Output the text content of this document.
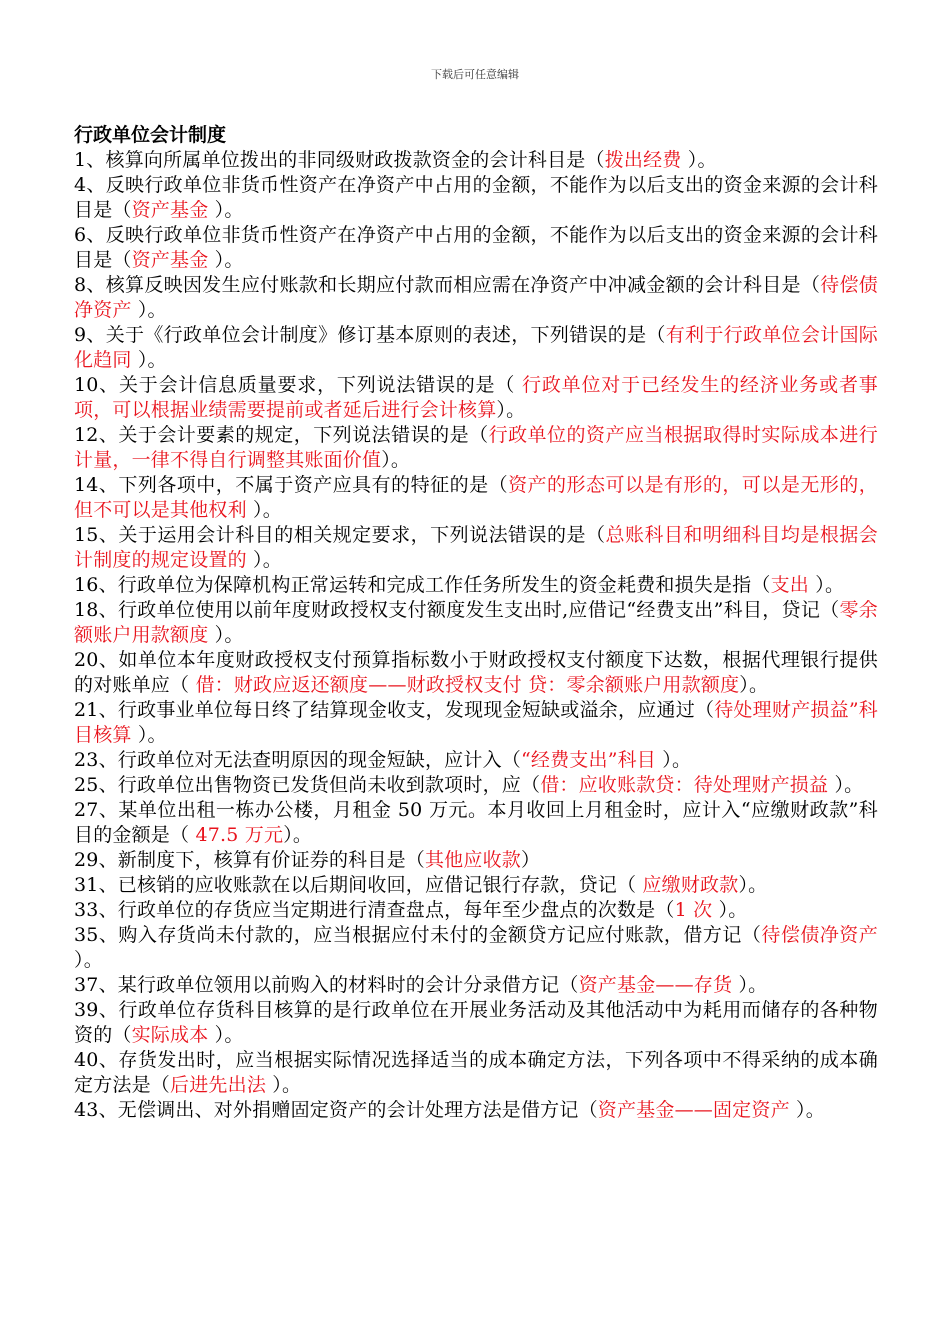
下载后可任意编辑

行政单位会计制度

1、核算向所属单位拨出的非同级财政拨款资金的会计科目是（拨出经费 ）。

4、反映行政单位非货币性资产在净资产中占用的金额，不能作为以后支出的资金来源的会计科目是（资产基金 ）。

6、反映行政单位非货币性资产在净资产中占用的金额，不能作为以后支出的资金来源的会计科目是（资产基金 ）。

8、核算反映因发生应付账款和长期应付款而相应需在净资产中冲减金额的会计科目是（待偿债净资产 ）。

9、关于《行政单位会计制度》修订基本原则的表述，下列错误的是（有利于行政单位会计国际化趋同 ）。

10、关于会计信息质量要求，下列说法错误的是（ 行政单位对于已经发生的经济业务或者事项，可以根据业绩需要提前或者延后进行会计核算）。

12、关于会计要素的规定，下列说法错误的是（行政单位的资产应当根据取得时实际成本进行计量，一律不得自行调整其账面价值）。

14、下列各项中，不属于资产应具有的特征的是（资产的形态可以是有形的，可以是无形的，但不可以是其他权利 ）。

15、关于运用会计科目的相关规定要求，下列说法错误的是（总账科目和明细科目均是根据会计制度的规定设置的 ）。

16、行政单位为保障机构正常运转和完成工作任务所发生的资金耗费和损失是指（支出 ）。

18、行政单位使用以前年度财政授权支付额度发生支出时,应借记“经费支出”科目，贷记（零余额账户用款额度 ）。

20、如单位本年度财政授权支付预算指标数小于财政授权支付额度下达数，根据代理银行提供的对账单应（ 借：财政应返还额度——财政授权支付 贷：零余额账户用款额度）。

21、行政事业单位每日终了结算现金收支，发现现金短缺或溢余，应通过（待处理财产损益”科目核算 ）。

23、行政单位对无法查明原因的现金短缺，应计入（“经费支出”科目 ）。

25、行政单位出售物资已发货但尚未收到款项时，应（借：应收账款贷：待处理财产损益 ）。

27、某单位出租一栋办公楼，月租金 50 万元。本月收回上月租金时，应计入“应缴财政款”科目的金额是（ 47.5 万元）。

29、新制度下，核算有价证券的科目是（其他应收款）

31、已核销的应收账款在以后期间收回，应借记银行存款，贷记（ 应缴财政款）。

33、行政单位的存货应当定期进行清查盘点，每年至少盘点的次数是（1 次 ）。

35、购入存货尚未付款的，应当根据应付未付的金额贷方记应付账款，借方记（待偿债净资产 ）。

37、某行政单位领用以前购入的材料时的会计分录借方记（资产基金——存货 ）。

39、行政单位存货科目核算的是行政单位在开展业务活动及其他活动中为耗用而储存的各种物资的（实际成本 ）。

40、存货发出时，应当根据实际情况选择适当的成本确定方法，下列各项中不得采纳的成本确定方法是（后进先出法 ）。

43、无偿调出、对外捐赠固定资产的会计处理方法是借方记（资产基金——固定资产 ）。
